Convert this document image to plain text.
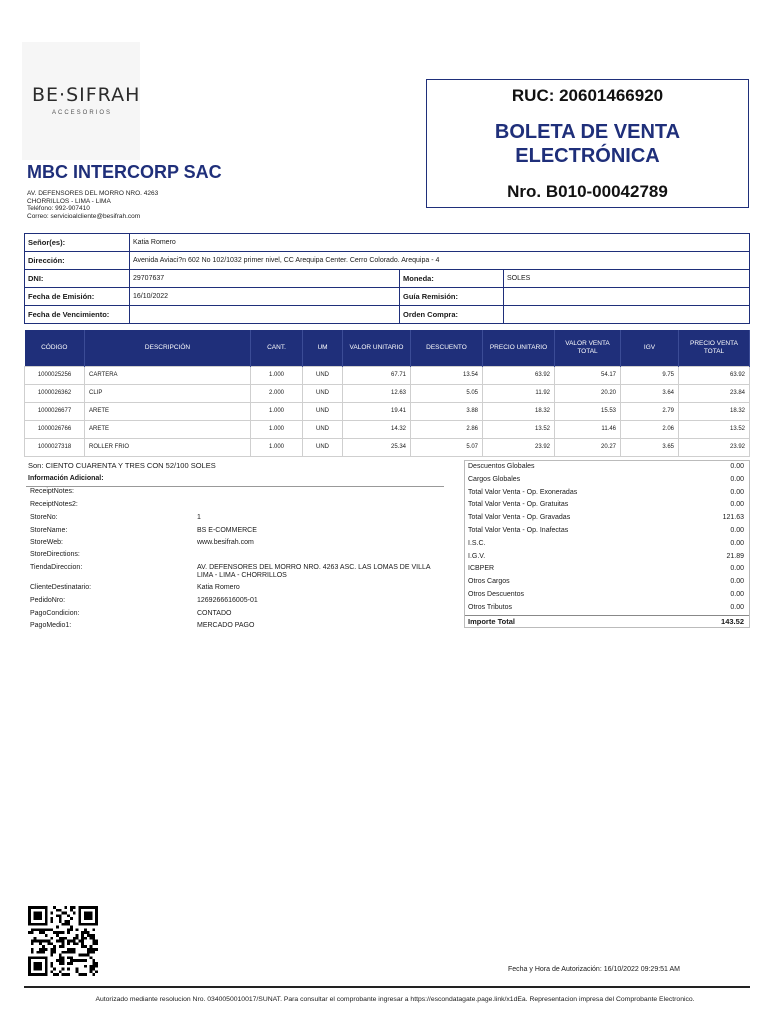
BE·SIFRAH
ACCESORIOS
MBC INTERCORP SAC
AV. DEFENSORES DEL MORRO NRO. 4263
CHORRILLOS - LIMA - LIMA
Teléfono: 992-907410
Correo: servicioalcliente@besifrah.com
RUC: 20601466920
BOLETA DE VENTA
ELECTRÓNICA
Nro. B010-00042789
Señor(es):	Katia Romero		
Dirección:	Avenida Aviaci?n 602 No 102/1032 primer nivel, CC Arequipa Center. Cerro Colorado. Arequipa - 4		
DNI:	29707637	Moneda:	SOLES
Fecha de Emisión:	16/10/2022	Guía Remisión:	
Fecha de Vencimiento:		Orden Compra:	
CÓDIGO	DESCRIPCIÓN	CANT.	UM	VALOR UNITARIO	DESCUENTO	PRECIO UNITARIO	VALOR VENTA TOTAL	IGV	PRECIO VENTA TOTAL
1000025256	CARTERA	1.000	UND	67.71	13.54	63.92	54.17	9.75	63.92
1000026362	CLIP	2.000	UND	12.63	5.05	11.92	20.20	3.64	23.84
1000026677	ARETE	1.000	UND	19.41	3.88	18.32	15.53	2.79	18.32
1000026766	ARETE	1.000	UND	14.32	2.86	13.52	11.46	2.06	13.52
1000027318	ROLLER FRIO	1.000	UND	25.34	5.07	23.92	20.27	3.65	23.92
Son: CIENTO CUARENTA Y TRES CON 52/100 SOLES
Información Adicional:
ReceiptNotes:
ReceiptNotes2:
StoreNo:	1
StoreName:	BS E-COMMERCE
StoreWeb:	www.besifrah.com
StoreDirections:
TiendaDireccion:	AV. DEFENSORES DEL MORRO NRO. 4263 ASC. LAS LOMAS DE VILLA LIMA - LIMA - CHORRILLOS
ClienteDestinatario:	Katia Romero
PedidoNro:	1269266616005-01
PagoCondicion:	CONTADO
PagoMedio1:	MERCADO PAGO
Descuentos Globales	0.00
Cargos Globales	0.00
Total Valor Venta - Op. Exoneradas	0.00
Total Valor Venta - Op. Gratuitas	0.00
Total Valor Venta - Op. Gravadas	121.63
Total Valor Venta - Op. Inafectas	0.00
I.S.C.	0.00
I.G.V.	21.89
ICBPER	0.00
Otros Cargos	0.00
Otros Descuentos	0.00
Otros Tributos	0.00
Importe Total	143.52
Fecha y Hora de Autorización: 16/10/2022 09:29:51 AM
Autorizado mediante resolucion Nro. 0340050010017/SUNAT. Para consultar el comprobante ingresar a https://escondatagate.page.link/x1dEa. Representacion impresa del Comprobante Electronico.
